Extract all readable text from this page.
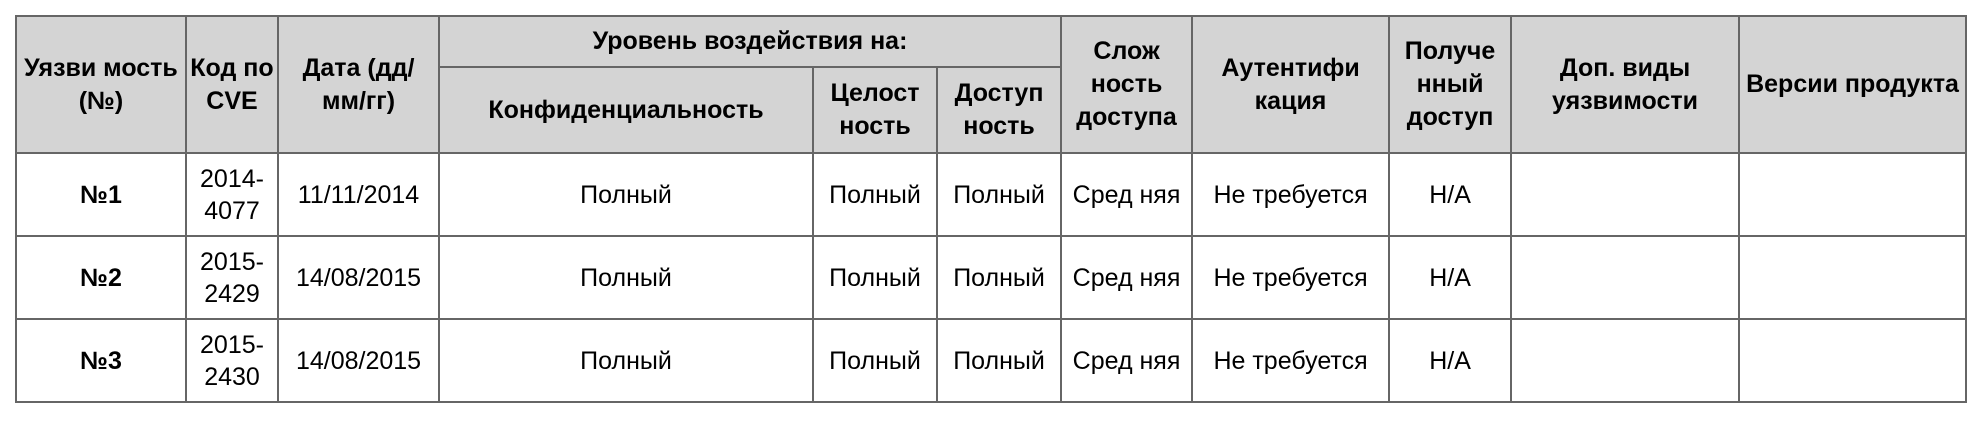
Уязви мость (№)	Код по CVE	Дата (дд/ мм/гг)	Уровень воздействия на:			Слож ность доступа	Аутентифи кация	Получе нный доступ	Доп. виды уязвимости	Версии продукта
			Конфиденциальность	Целост ность	Доступ ность					
№1	2014-4077	11/11/2014	Полный	Полный	Полный	Сред няя	Не требуется	Н/А		
№2	2015-2429	14/08/2015	Полный	Полный	Полный	Сред няя	Не требуется	Н/А		
№3	2015-2430	14/08/2015	Полный	Полный	Полный	Сред няя	Не требуется	Н/А		
